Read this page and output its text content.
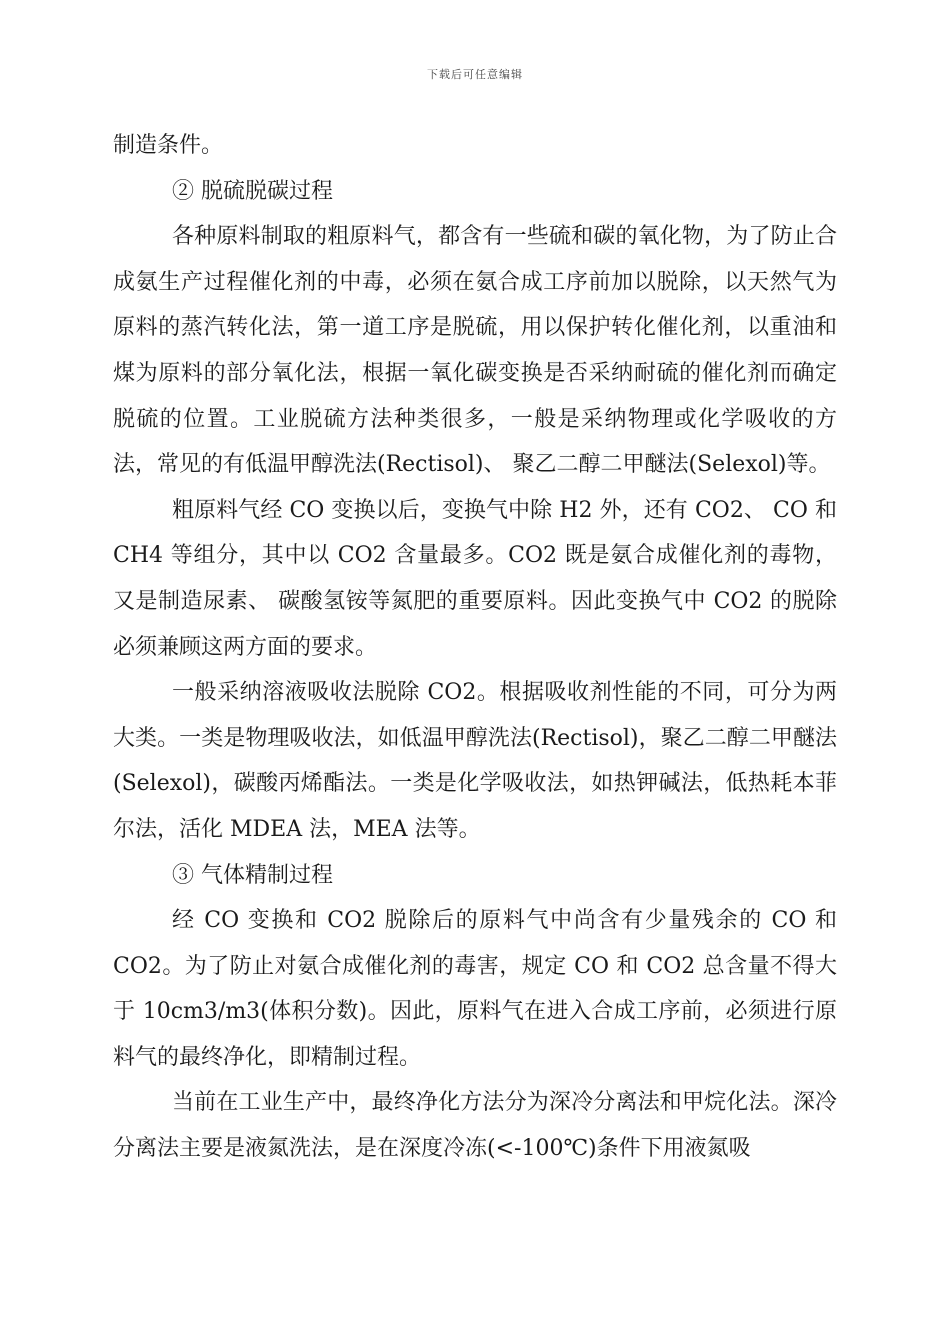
下载后可任意编辑

制造条件。

② 脱硫脱碳过程

各种原料制取的粗原料气，都含有一些硫和碳的氧化物，为了防止合成氨生产过程催化剂的中毒，必须在氨合成工序前加以脱除，以天然气为原料的蒸汽转化法，第一道工序是脱硫，用以保护转化催化剂，以重油和煤为原料的部分氧化法，根据一氧化碳变换是否采纳耐硫的催化剂而确定脱硫的位置。工业脱硫方法种类很多，一般是采纳物理或化学吸收的方法，常见的有低温甲醇洗法(Rectisol)、 聚乙二醇二甲醚法(Selexol)等。

粗原料气经 CO 变换以后，变换气中除 H2 外，还有 CO2、 CO 和 CH4 等组分，其中以 CO2 含量最多。CO2 既是氨合成催化剂的毒物，又是制造尿素、 碳酸氢铵等氮肥的重要原料。因此变换气中 CO2 的脱除必须兼顾这两方面的要求。

一般采纳溶液吸收法脱除 CO2。根据吸收剂性能的不同，可分为两大类。一类是物理吸收法，如低温甲醇洗法(Rectisol)，聚乙二醇二甲醚法(Selexol)，碳酸丙烯酯法。一类是化学吸收法，如热钾碱法，低热耗本菲尔法，活化 MDEA 法，MEA 法等。

③ 气体精制过程

经 CO 变换和 CO2 脱除后的原料气中尚含有少量残余的 CO 和 CO2。为了防止对氨合成催化剂的毒害，规定 CO 和 CO2 总含量不得大于 10cm3/m3(体积分数)。因此，原料气在进入合成工序前，必须进行原料气的最终净化，即精制过程。

当前在工业生产中，最终净化方法分为深冷分离法和甲烷化法。深冷分离法主要是液氮洗法，是在深度冷冻(<-100℃)条件下用液氮吸
